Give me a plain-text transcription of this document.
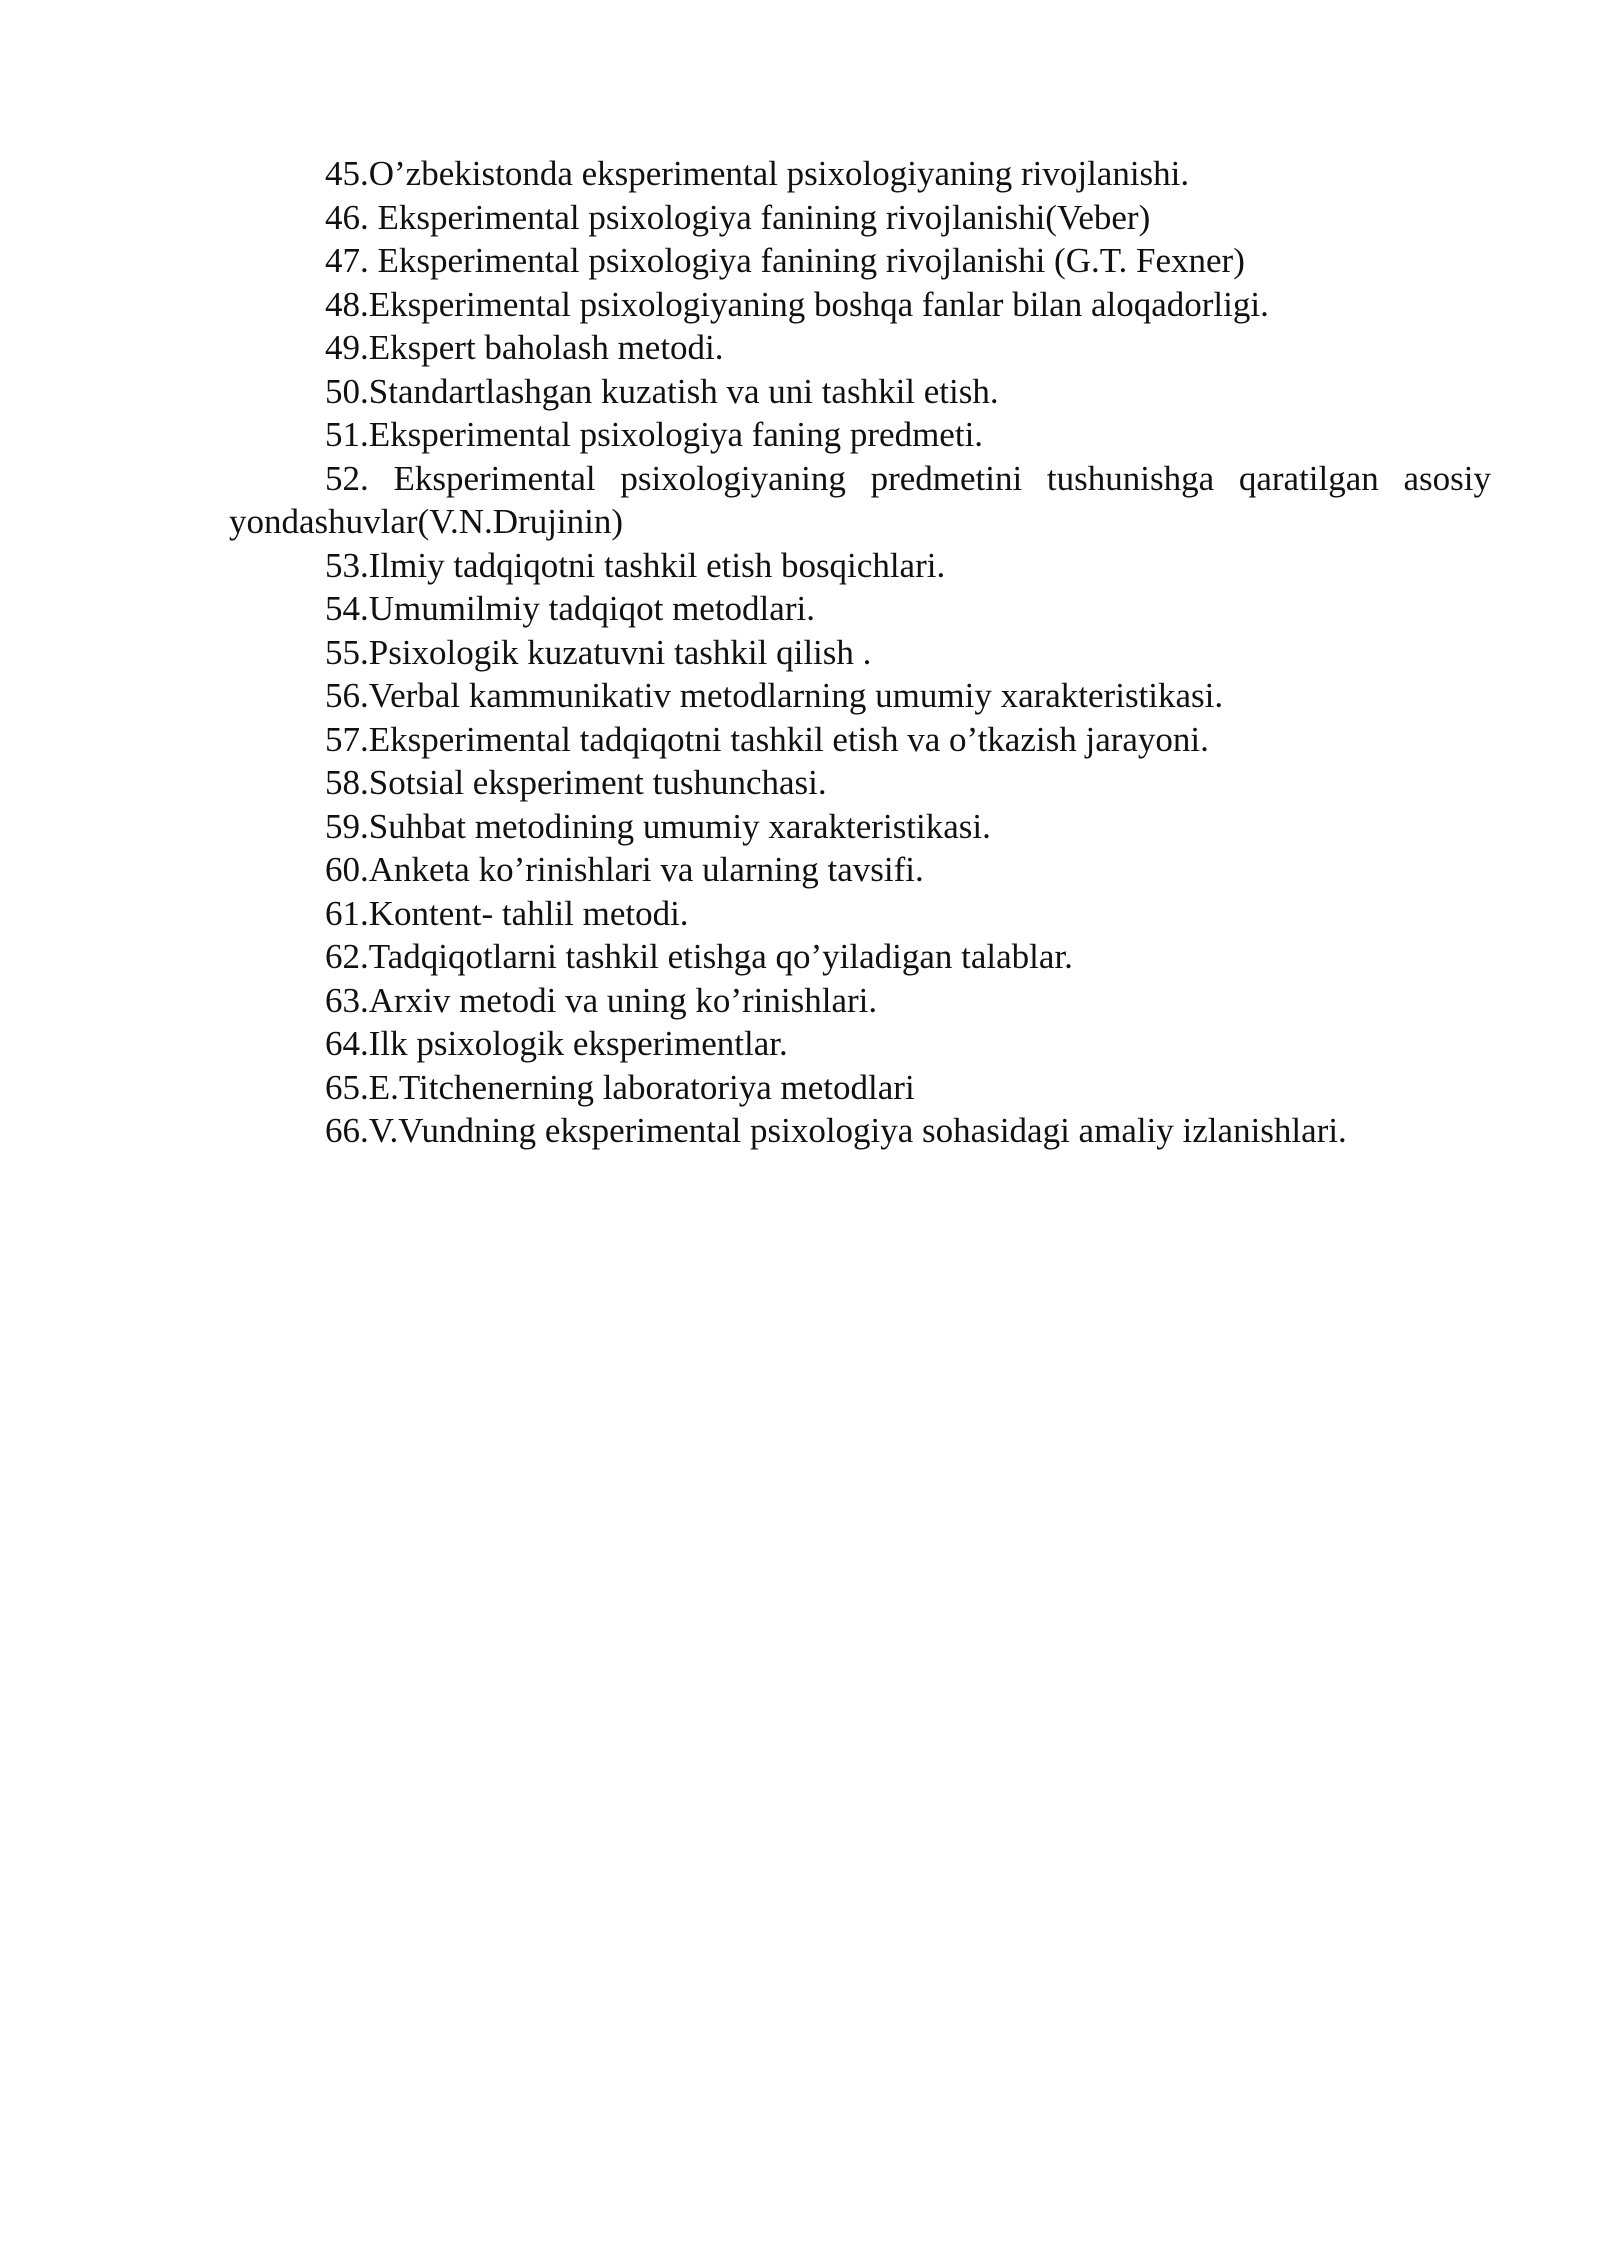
45.O’zbekistonda eksperimental psixologiyaning rivojlanishi.
46. Eksperimental psixologiya fanining rivojlanishi(Veber)
47. Eksperimental psixologiya fanining rivojlanishi (G.T. Fexner)
48.Eksperimental psixologiyaning boshqa fanlar bilan aloqadorligi.
49.Ekspert baholash metodi.
50.Standartlashgan kuzatish va uni tashkil etish.
51.Eksperimental psixologiya faning predmeti.
52. Eksperimental psixologiyaning predmetini tushunishga qaratilgan asosiy yondashuvlar(V.N.Drujinin)
53.Ilmiy tadqiqotni tashkil etish bosqichlari.
54.Umumilmiy tadqiqot metodlari.
55.Psixologik kuzatuvni tashkil qilish .
56.Verbal kammunikativ metodlarning umumiy xarakteristikasi.
57.Eksperimental tadqiqotni tashkil etish va o’tkazish jarayoni.
58.Sotsial eksperiment tushunchasi.
59.Suhbat metodining umumiy xarakteristikasi.
60.Anketa ko’rinishlari va ularning tavsifi.
61.Kontent- tahlil metodi.
62.Tadqiqotlarni tashkil etishga qo’yiladigan talablar.
63.Arxiv metodi va uning ko’rinishlari.
64.Ilk psixologik eksperimentlar.
65.E.Titchenerning laboratoriya metodlari
66.V.Vundning eksperimental psixologiya sohasidagi amaliy izlanishlari.
